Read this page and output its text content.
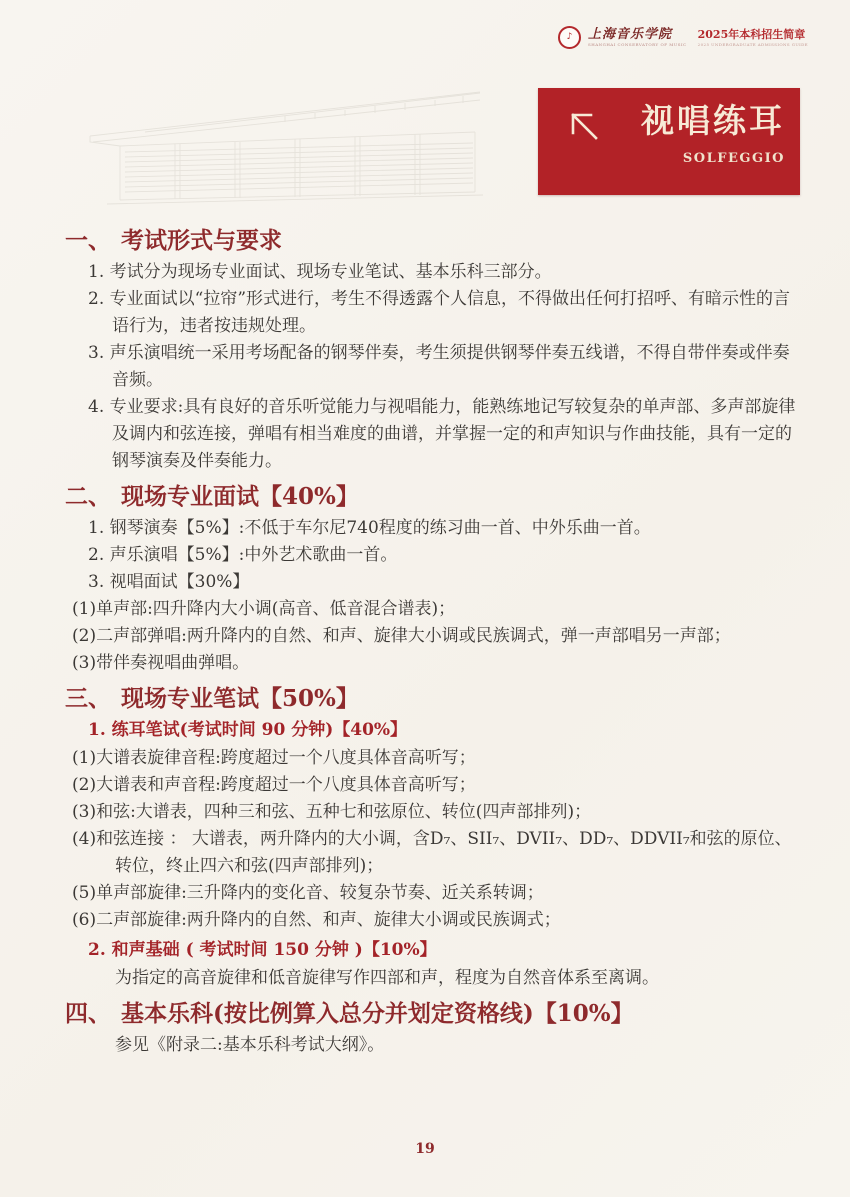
♪	上海音乐学院
SHANGHAI CONSERVATORY OF MUSIC
2025年本科招生简章
2025 UNDERGRADUATE ADMISSIONS GUIDE
视唱练耳
SOLFEGGIO
一、 考试形式与要求
1. 考试分为现场专业面试、现场专业笔试、基本乐科三部分。
2. 专业面试以“拉帘”形式进行，考生不得透露个人信息，不得做出任何打招呼、有暗示性的言语行为，违者按违规处理。
3. 声乐演唱统一采用考场配备的钢琴伴奏，考生须提供钢琴伴奏五线谱，不得自带伴奏或伴奏音频。
4. 专业要求:具有良好的音乐听觉能力与视唱能力，能熟练地记写较复杂的单声部、多声部旋律及调内和弦连接，弹唱有相当难度的曲谱，并掌握一定的和声知识与作曲技能，具有一定的钢琴演奏及伴奏能力。
二、 现场专业面试【40%】
1. 钢琴演奏【5%】:不低于车尔尼740程度的练习曲一首、中外乐曲一首。
2. 声乐演唱【5%】:中外艺术歌曲一首。
3. 视唱面试【30%】
(1)单声部:四升降内大小调(高音、低音混合谱表)；
(2)二声部弹唱:两升降内的自然、和声、旋律大小调或民族调式，弹一声部唱另一声部；
(3)带伴奏视唱曲弹唱。
三、 现场专业笔试【50%】
1. 练耳笔试(考试时间 90 分钟)【40%】
(1)大谱表旋律音程:跨度超过一个八度具体音高听写；
(2)大谱表和声音程:跨度超过一个八度具体音高听写；
(3)和弦:大谱表，四种三和弦、五种七和弦原位、转位(四声部排列)；
(4)和弦连接 ： 大谱表，两升降内的大小调，含D₇、SII₇、DVII₇、DD₇、DDVII₇和弦的原位、转位，终止四六和弦(四声部排列)；
(5)单声部旋律:三升降内的变化音、较复杂节奏、近关系转调；
(6)二声部旋律:两升降内的自然、和声、旋律大小调或民族调式；
2. 和声基础 ( 考试时间 150 分钟 )【10%】
为指定的高音旋律和低音旋律写作四部和声，程度为自然音体系至离调。
四、 基本乐科(按比例算入总分并划定资格线)【10%】
参见《附录二:基本乐科考试大纲》。
19
